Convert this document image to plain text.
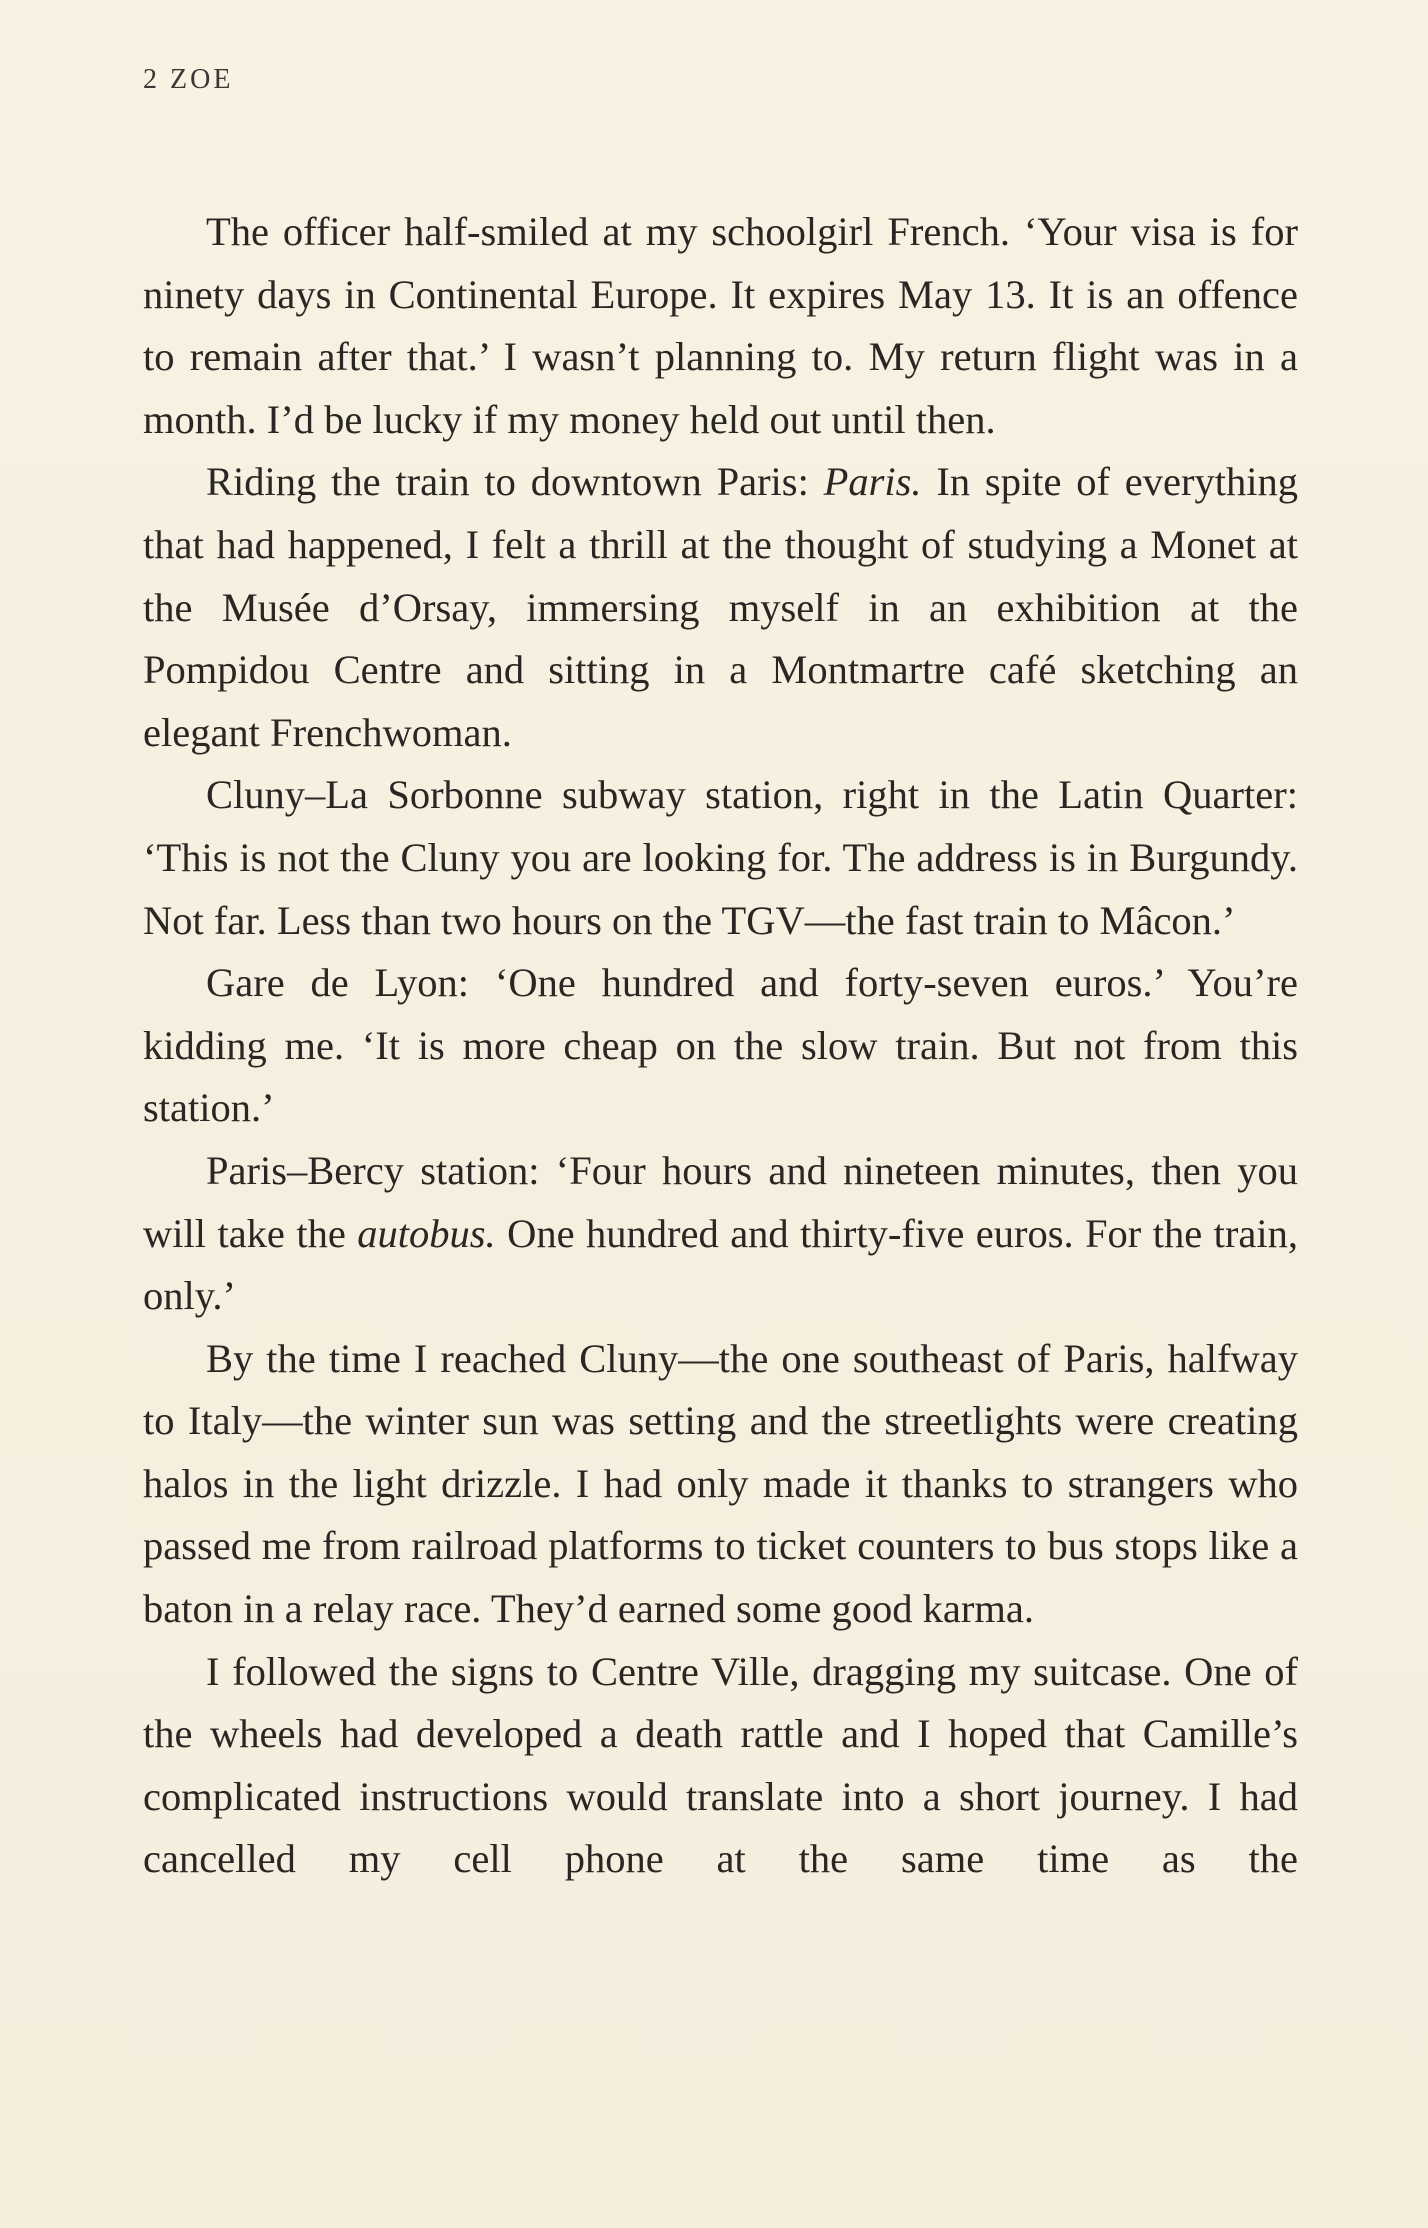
2 ZOE

The officer half-smiled at my schoolgirl French. ‘Your visa is for ninety days in Continental Europe. It expires May 13. It is an offence to remain after that.’ I wasn’t planning to. My return flight was in a month. I’d be lucky if my money held out until then.

Riding the train to downtown Paris: Paris. In spite of everything that had happened, I felt a thrill at the thought of studying a Monet at the Musée d’Orsay, immersing myself in an exhibition at the Pompidou Centre and sitting in a Montmartre café sketching an elegant Frenchwoman.

Cluny–La Sorbonne subway station, right in the Latin Quarter: ‘This is not the Cluny you are looking for. The address is in Burgundy. Not far. Less than two hours on the TGV—the fast train to Mâcon.’

Gare de Lyon: ‘One hundred and forty-seven euros.’ You’re kidding me. ‘It is more cheap on the slow train. But not from this station.’

Paris–Bercy station: ‘Four hours and nineteen minutes, then you will take the autobus. One hundred and thirty-five euros. For the train, only.’

By the time I reached Cluny—the one southeast of Paris, halfway to Italy—the winter sun was setting and the streetlights were creating halos in the light drizzle. I had only made it thanks to strangers who passed me from railroad platforms to ticket counters to bus stops like a baton in a relay race. They’d earned some good karma.

I followed the signs to Centre Ville, dragging my suitcase. One of the wheels had developed a death rattle and I hoped that Camille’s complicated instructions would translate into a short journey. I had cancelled my cell phone at the same time as the
